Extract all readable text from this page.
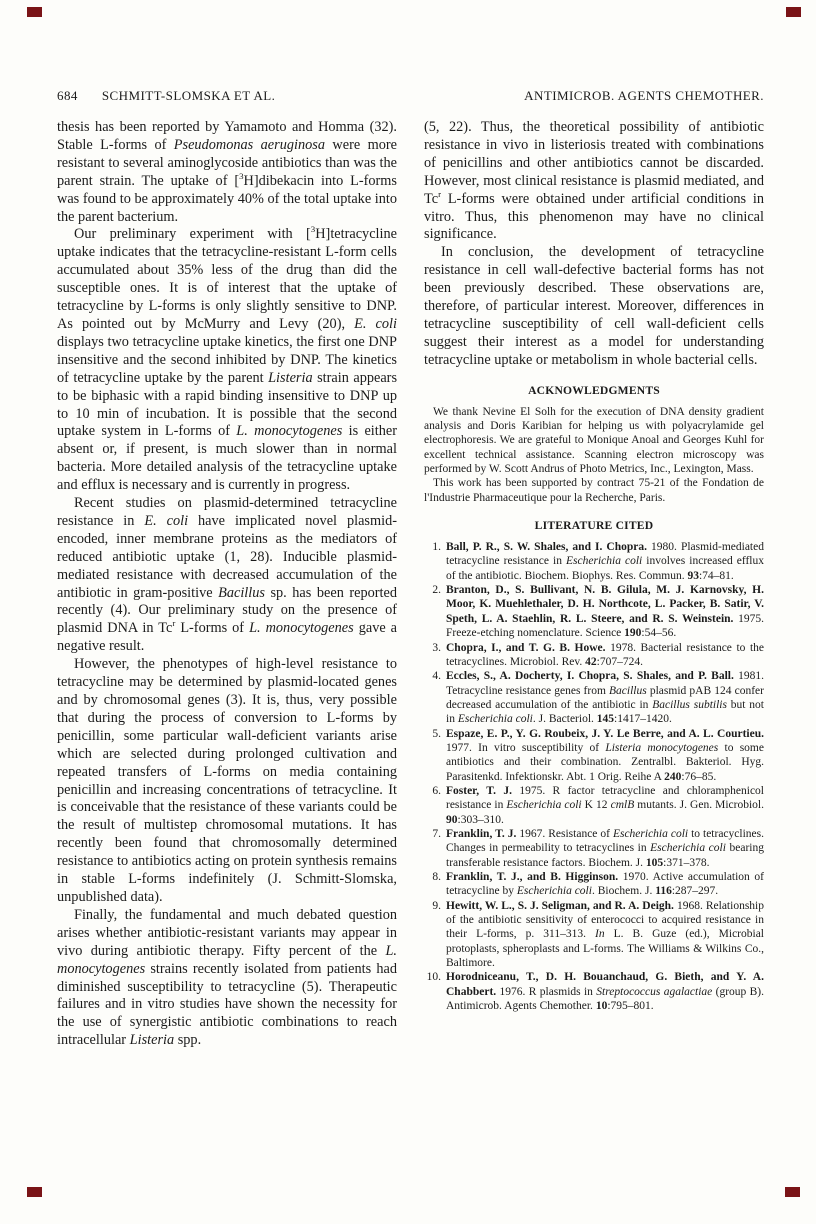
684 SCHMITT-SLOMSKA ET AL.	ANTIMICROB. AGENTS CHEMOTHER.

thesis has been reported by Yamamoto and Homma (32). Stable L-forms of Pseudomonas aeruginosa were more resistant to several aminoglycoside antibiotics than was the parent strain. The uptake of [$^3$H]dibekacin into L-forms was found to be approximately 40% of the total uptake into the parent bacterium.

Our preliminary experiment with [$^3$H]tetracycline uptake indicates that the tetracycline-resistant L-form cells accumulated about 35% less of the drug than did the susceptible ones. It is of interest that the uptake of tetracycline by L-forms is only slightly sensitive to DNP. As pointed out by McMurry and Levy (20), E. coli displays two tetracycline uptake kinetics, the first one DNP insensitive and the second inhibited by DNP. The kinetics of tetracycline uptake by the parent Listeria strain appears to be biphasic with a rapid binding insensitive to DNP up to 10 min of incubation. It is possible that the second uptake system in L-forms of L. monocytogenes is either absent or, if present, is much slower than in normal bacteria. More detailed analysis of the tetracycline uptake and efflux is necessary and is currently in progress.

Recent studies on plasmid-determined tetracycline resistance in E. coli have implicated novel plasmid-encoded, inner membrane proteins as the mediators of reduced antibiotic uptake (1, 28). Inducible plasmid-mediated resistance with decreased accumulation of the antibiotic in gram-positive Bacillus sp. has been reported recently (4). Our preliminary study on the presence of plasmid DNA in Tc$^r$ L-forms of L. monocytogenes gave a negative result.

However, the phenotypes of high-level resistance to tetracycline may be determined by plasmid-located genes and by chromosomal genes (3). It is, thus, very possible that during the process of conversion to L-forms by penicillin, some particular wall-deficient variants arise which are selected during prolonged cultivation and repeated transfers of L-forms on media containing penicillin and increasing concentrations of tetracycline. It is conceivable that the resistance of these variants could be the result of multistep chromosomal mutations. It has recently been found that chromosomally determined resistance to antibiotics acting on protein synthesis remains in stable L-forms indefinitely (J. Schmitt-Slomska, unpublished data).

Finally, the fundamental and much debated question arises whether antibiotic-resistant variants may appear in vivo during antibiotic therapy. Fifty percent of the L. monocytogenes strains recently isolated from patients had diminished susceptibility to tetracycline (5). Therapeutic failures and in vitro studies have shown the necessity for the use of synergistic antibiotic combinations to reach intracellular Listeria spp.

(5, 22). Thus, the theoretical possibility of antibiotic resistance in vivo in listeriosis treated with combinations of penicillins and other antibiotics cannot be discarded. However, most clinical resistance is plasmid mediated, and Tc$^r$ L-forms were obtained under artificial conditions in vitro. Thus, this phenomenon may have no clinical significance.

In conclusion, the development of tetracycline resistance in cell wall-defective bacterial forms has not been previously described. These observations are, therefore, of particular interest. Moreover, differences in tetracycline susceptibility of cell wall-deficient cells suggest their interest as a model for understanding tetracycline uptake or metabolism in whole bacterial cells.

ACKNOWLEDGMENTS

We thank Nevine El Solh for the execution of DNA density gradient analysis and Doris Karibian for helping us with polyacrylamide gel electrophoresis. We are grateful to Monique Anoal and Georges Kuhl for excellent technical assistance. Scanning electron microscopy was performed by W. Scott Andrus of Photo Metrics, Inc., Lexington, Mass.

This work has been supported by contract 75-21 of the Fondation de l'Industrie Pharmaceutique pour la Recherche, Paris.

LITERATURE CITED
1. Ball, P. R., S. W. Shales, and I. Chopra. 1980. Plasmid-mediated tetracycline resistance in Escherichia coli involves increased efflux of the antibiotic. Biochem. Biophys. Res. Commun. 93:74–81.
2. Branton, D., S. Bullivant, N. B. Gilula, M. J. Karnovsky, H. Moor, K. Muehlethaler, D. H. Northcote, L. Packer, B. Satir, V. Speth, L. A. Staehlin, R. L. Steere, and R. S. Weinstein. 1975. Freeze-etching nomenclature. Science 190:54–56.
3. Chopra, I., and T. G. B. Howe. 1978. Bacterial resistance to the tetracyclines. Microbiol. Rev. 42:707–724.
4. Eccles, S., A. Docherty, I. Chopra, S. Shales, and P. Ball. 1981. Tetracycline resistance genes from Bacillus plasmid pAB 124 confer decreased accumulation of the antibiotic in Bacillus subtilis but not in Escherichia coli. J. Bacteriol. 145:1417–1420.
5. Espaze, E. P., Y. G. Roubeix, J. Y. Le Berre, and A. L. Courtieu. 1977. In vitro susceptibility of Listeria monocytogenes to some antibiotics and their combination. Zentralbl. Bakteriol. Hyg. Parasitenkd. Infektionskr. Abt. 1 Orig. Reihe A 240:76–85.
6. Foster, T. J. 1975. R factor tetracycline and chloramphenicol resistance in Escherichia coli K 12 cmlB mutants. J. Gen. Microbiol. 90:303–310.
7. Franklin, T. J. 1967. Resistance of Escherichia coli to tetracyclines. Changes in permeability to tetracyclines in Escherichia coli bearing transferable resistance factors. Biochem. J. 105:371–378.
8. Franklin, T. J., and B. Higginson. 1970. Active accumulation of tetracycline by Escherichia coli. Biochem. J. 116:287–297.
9. Hewitt, W. L., S. J. Seligman, and R. A. Deigh. 1968. Relationship of the antibiotic sensitivity of enterococci to acquired resistance in their L-forms, p. 311–313. In L. B. Guze (ed.), Microbial protoplasts, spheroplasts and L-forms. The Williams & Wilkins Co., Baltimore.
10. Horodniceanu, T., D. H. Bouanchaud, G. Bieth, and Y. A. Chabbert. 1976. R plasmids in Streptococcus agalactiae (group B). Antimicrob. Agents Chemother. 10:795–801.
